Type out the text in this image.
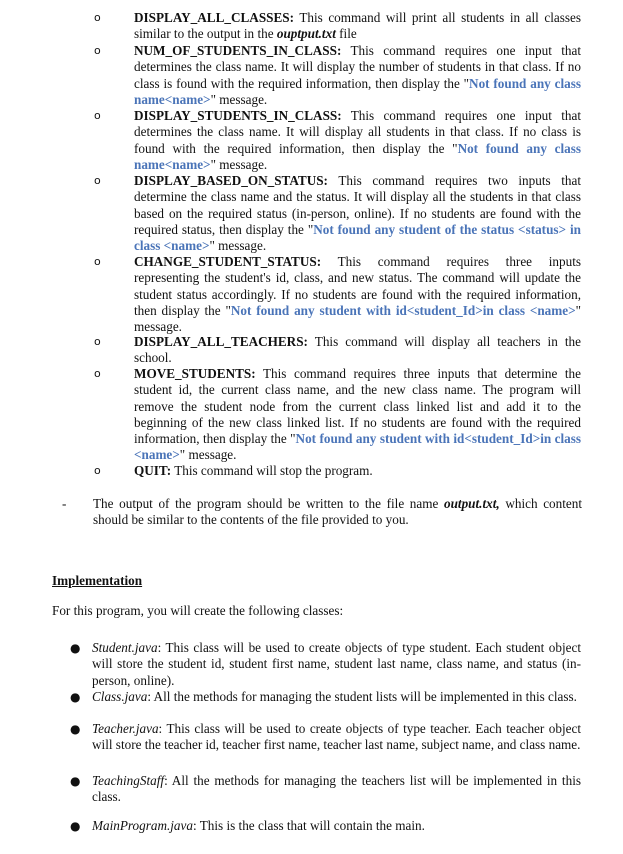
o	DISPLAY_ALL_CLASSES: This command will print all students in all classes similar to the output in the ouptput.txt file

o	NUM_OF_STUDENTS_IN_CLASS: This command requires one input that determines the class name. It will display the number of students in that class. If no class is found with the required information, then display the "Not found any class name<name>" message.

o	DISPLAY_STUDENTS_IN_CLASS: This command requires one input that determines the class name. It will display all students in that class. If no class is found with the required information, then display the "Not found any class name<name>" message.

o	DISPLAY_BASED_ON_STATUS: This command requires two inputs that determine the class name and the status. It will display all the students in that class based on the required status (in-person, online). If no students are found with the required status, then display the "Not found any student of the status <status> in class <name>" message.

o	CHANGE_STUDENT_STATUS: This command requires three inputs representing the student's id, class, and new status. The command will update the student status accordingly. If no students are found with the required information, then display the "Not found any student with id<student_Id>in class <name>" message.

o	DISPLAY_ALL_TEACHERS: This command will display all teachers in the school.

o	MOVE_STUDENTS: This command requires three inputs that determine the student id, the current class name, and the new class name. The program will remove the student node from the current class linked list and add it to the beginning of the new class linked list. If no students are found with the required information, then display the "Not found any student with id<student_Id>in class <name>" message.

o	QUIT: This command will stop the program.

- The output of the program should be written to the file name output.txt, which content should be similar to the contents of the file provided to you.

Implementation
For this program, you will create the following classes:
● Student.java: This class will be used to create objects of type student. Each student object will store the student id, student first name, student last name, class name, and status (in-person, online).

● Class.java: All the methods for managing the student lists will be implemented in this class.

● Teacher.java: This class will be used to create objects of type teacher. Each teacher object will store the teacher id, teacher first name, teacher last name, subject name, and class name.

● TeachingStaff: All the methods for managing the teachers list will be implemented in this class.

● MainProgram.java: This is the class that will contain the main.
